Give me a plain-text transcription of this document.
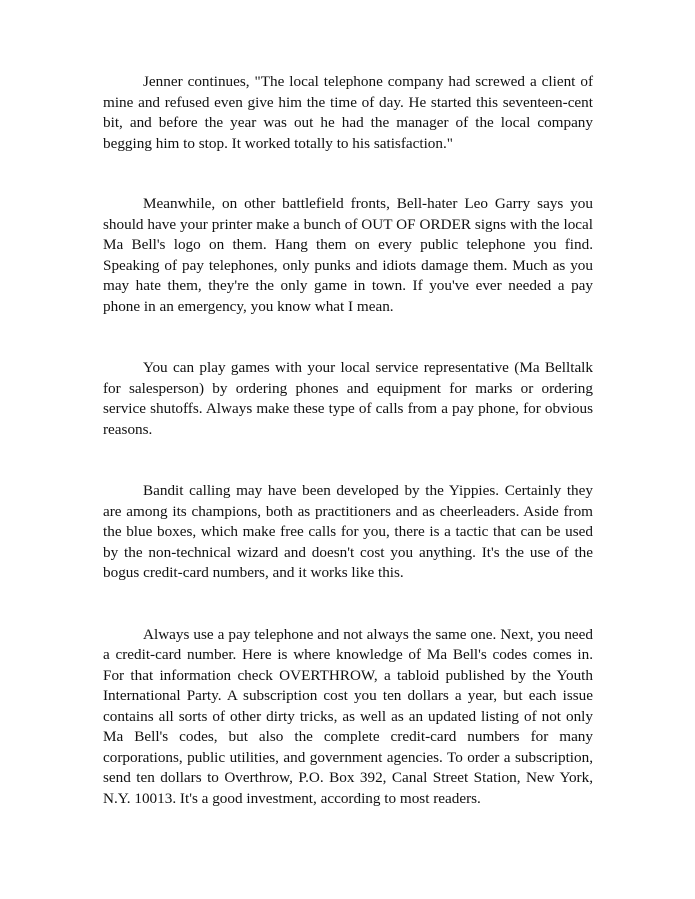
Jenner continues, "The local telephone company had screwed a client of mine and refused even give him the time of day. He started this seventeen-cent bit, and before the year was out he had the manager of the local company begging him to stop. It worked totally to his satisfaction."

Meanwhile, on other battlefield fronts, Bell-hater Leo Garry says you should have your printer make a bunch of OUT OF ORDER signs with the local Ma Bell's logo on them. Hang them on every public telephone you find. Speaking of pay telephones, only punks and idiots damage them. Much as you may hate them, they're the only game in town. If you've ever needed a pay phone in an emergency, you know what I mean.

You can play games with your local service representative (Ma Belltalk for salesperson) by ordering phones and equipment for marks or ordering service shutoffs. Always make these type of calls from a pay phone, for obvious reasons.

Bandit calling may have been developed by the Yippies. Certainly they are among its champions, both as practitioners and as cheerleaders. Aside from the blue boxes, which make free calls for you, there is a tactic that can be used by the non-technical wizard and doesn't cost you anything. It's the use of the bogus credit-card numbers, and it works like this.

Always use a pay telephone and not always the same one. Next, you need a credit-card number. Here is where knowledge of Ma Bell's codes comes in. For that information check OVERTHROW, a tabloid published by the Youth International Party. A subscription cost you ten dollars a year, but each issue contains all sorts of other dirty tricks, as well as an updated listing of not only Ma Bell's codes, but also the complete credit-card numbers for many corporations, public utilities, and government agencies. To order a subscription, send ten dollars to Overthrow, P.O. Box 392, Canal Street Station, New York, N.Y. 10013. It's a good investment, according to most readers.
